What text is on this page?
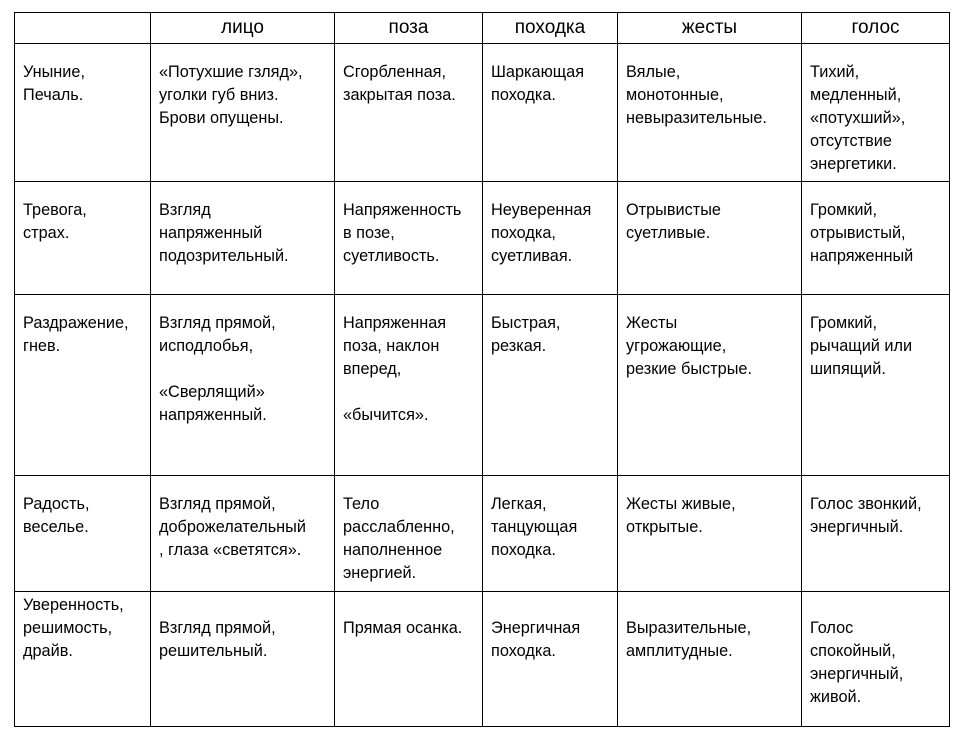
	лицо	поза	походка	жесты	голос

Уныние,
Печаль.	«Потухшие гзляд»,
уголки губ вниз.
Брови опущены.	Сгорбленная,
закрытая поза.	Шаркающая
походка.	Вялые,
монотонные,
невыразительные.	Тихий,
медленный,
«потухший»,
отсутствие
энергетики.

Тревога,
страх.	Взгляд
напряженный
подозрительный.	Напряженность
в позе,
суетливость.	Неуверенная
походка,
суетливая.	Отрывистые
суетливые.	Громкий,
отрывистый,
напряженный

Раздражение,
гнев.	Взгляд прямой,
исподлобья,

«Сверлящий»
напряженный.	Напряженная
поза, наклон
вперед,

«бычится».	Быстрая,
резкая.	Жесты
угрожающие,
резкие быстрые.	Громкий,
рычащий или
шипящий.

Радость,
веселье.	Взгляд прямой,
доброжелательный
, глаза «светятся».	Тело
расслабленно,
наполненное
энергией.	Легкая,
танцующая
походка.	Жесты живые,
открытые.	Голос звонкий,
энергичный.

Уверенность,
решимость,
драйв.	Взгляд прямой,
решительный.	Прямая осанка.	Энергичная
походка.	Выразительные,
амплитудные.	Голос
спокойный,
энергичный,
живой.
